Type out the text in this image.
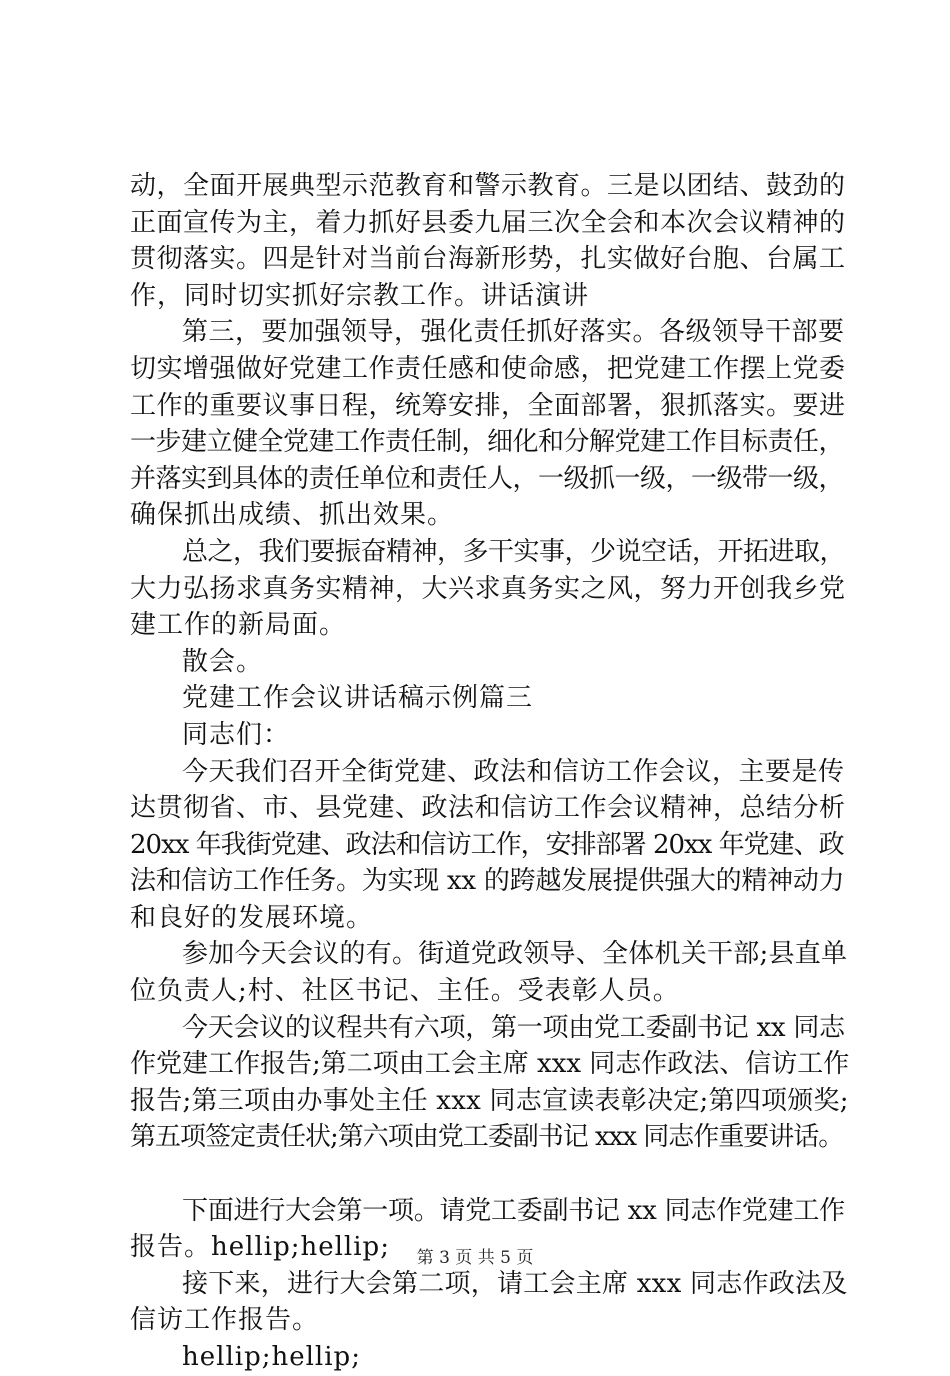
动，全面开展典型示范教育和警示教育。三是以团结、鼓劲的
正面宣传为主，着力抓好县委九届三次全会和本次会议精神的
贯彻落实。四是针对当前台海新形势，扎实做好台胞、台属工
作，同时切实抓好宗教工作。讲话演讲
第三，要加强领导，强化责任抓好落实。各级领导干部要
切实增强做好党建工作责任感和使命感，把党建工作摆上党委
工作的重要议事日程，统筹安排，全面部署，狠抓落实。要进
一步建立健全党建工作责任制，细化和分解党建工作目标责任，
并落实到具体的责任单位和责任人，一级抓一级，一级带一级，
确保抓出成绩、抓出效果。
总之，我们要振奋精神，多干实事，少说空话，开拓进取，
大力弘扬求真务实精神，大兴求真务实之风，努力开创我乡党
建工作的新局面。
散会。
党建工作会议讲话稿示例篇三
同志们：
今天我们召开全街党建、政法和信访工作会议，主要是传
达贯彻省、市、县党建、政法和信访工作会议精神，总结分析
20xx 年我街党建、政法和信访工作，安排部署 20xx 年党建、政
法和信访工作任务。为实现 xx 的跨越发展提供强大的精神动力
和良好的发展环境。
参加今天会议的有。街道党政领导、全体机关干部;县直单
位负责人;村、社区书记、主任。受表彰人员。
今天会议的议程共有六项，第一项由党工委副书记 xx 同志
作党建工作报告;第二项由工会主席 xxx 同志作政法、信访工作
报告;第三项由办事处主任 xxx 同志宣读表彰决定;第四项颁奖;
第五项签定责任状;第六项由党工委副书记 xxx 同志作重要讲话。
下面进行大会第一项。请党工委副书记 xx 同志作党建工作
报告。hellip;hellip;
接下来，进行大会第二项，请工会主席 xxx 同志作政法及
信访工作报告。
hellip;hellip;
第 3 页 共 5 页
